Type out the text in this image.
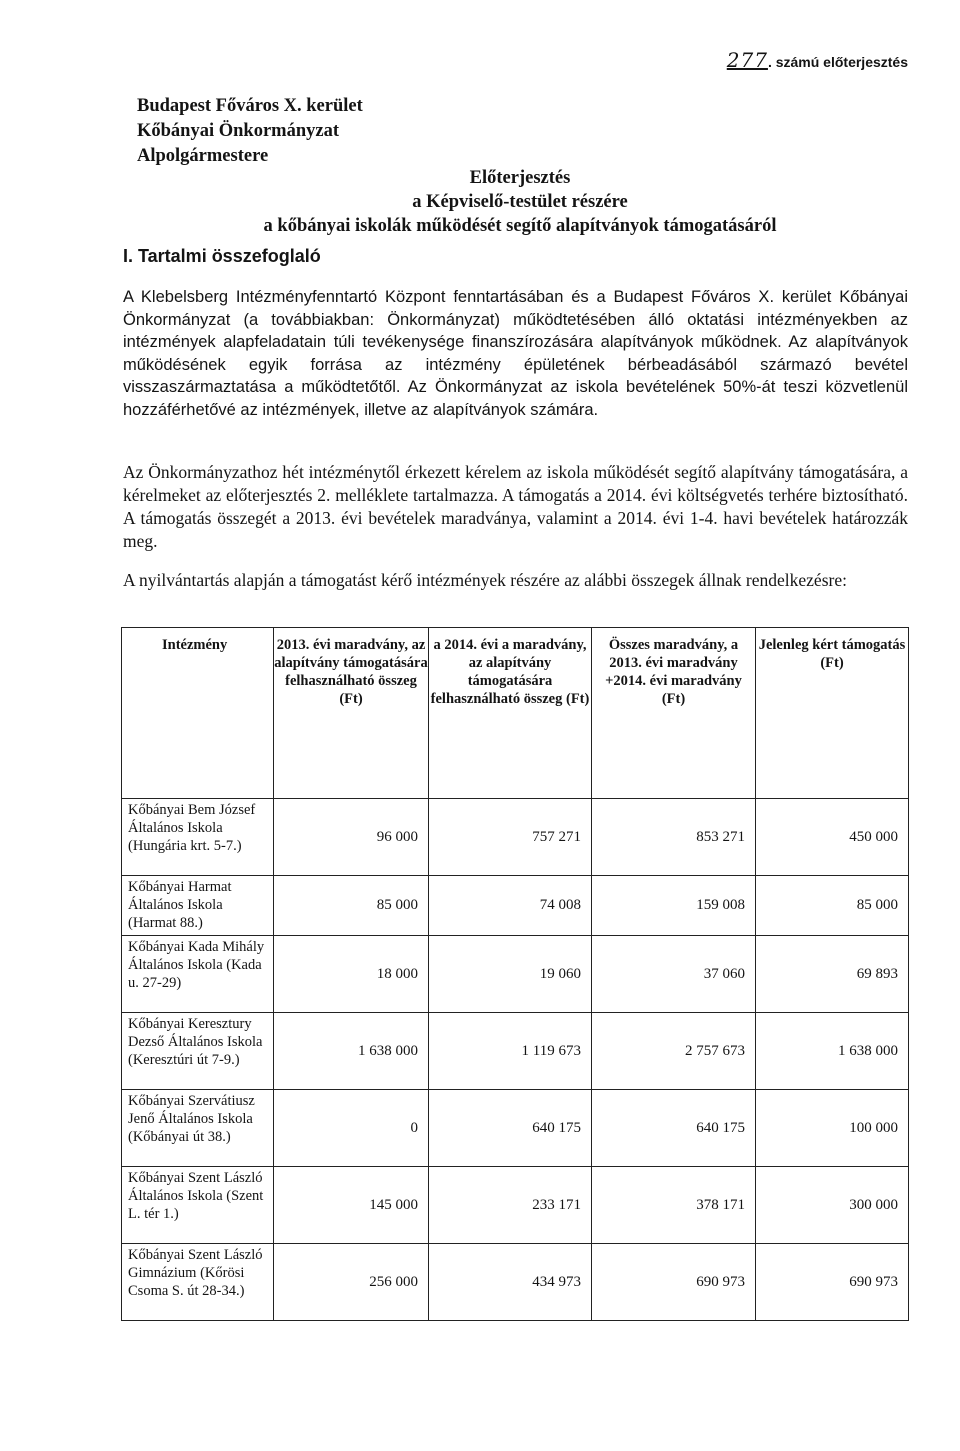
277. számú előterjesztés
Budapest Főváros X. kerület
Kőbányai Önkormányzat
Alpolgármestere
Előterjesztés
a Képviselő-testület részére
a kőbányai iskolák működését segítő alapítványok támogatásáról
I. Tartalmi összefoglaló
A Klebelsberg Intézményfenntartó Központ fenntartásában és a Budapest Főváros X. kerület Kőbányai Önkormányzat (a továbbiakban: Önkormányzat) működtetésében álló oktatási intézményekben az intézmények alapfeladatain túli tevékenysége finanszírozására alapítványok működnek. Az alapítványok működésének egyik forrása az intézmény épületének bérbeadásából származó bevétel visszaszármaztatása a működtetőtől. Az Önkormányzat az iskola bevételének 50%-át teszi közvetlenül hozzáférhetővé az intézmények, illetve az alapítványok számára.
Az Önkormányzathoz hét intézménytől érkezett kérelem az iskola működését segítő alapítvány támogatására, a kérelmeket az előterjesztés 2. melléklete tartalmazza. A támogatás a 2014. évi költségvetés terhére biztosítható. A támogatás összegét a 2013. évi bevételek maradványa, valamint a 2014. évi 1-4. havi bevételek határozzák meg.
A nyilvántartás alapján a támogatást kérő intézmények részére az alábbi összegek állnak rendelkezésre:
Intézmény	2013. évi maradvány, az alapítvány támogatására felhasználható összeg (Ft)	a 2014. évi a maradvány, az alapítvány támogatására felhasználható összeg (Ft)	Összes maradvány, a 2013. évi maradvány +2014. évi maradvány (Ft)	Jelenleg kért támogatás (Ft)
Kőbányai Bem József Általános Iskola (Hungária krt. 5-7.)	96 000	757 271	853 271	450 000
Kőbányai Harmat Általános Iskola (Harmat 88.)	85 000	74 008	159 008	85 000
Kőbányai Kada Mihály Általános Iskola (Kada u. 27-29)	18 000	19 060	37 060	69 893
Kőbányai Keresztury Dezső Általános Iskola (Keresztúri út 7-9.)	1 638 000	1 119 673	2 757 673	1 638 000
Kőbányai Szervátiusz Jenő Általános Iskola (Kőbányai út 38.)	0	640 175	640 175	100 000
Kőbányai Szent László Általános Iskola (Szent L. tér 1.)	145 000	233 171	378 171	300 000
Kőbányai Szent László Gimnázium (Kőrösi Csoma S. út 28-34.)	256 000	434 973	690 973	690 973
